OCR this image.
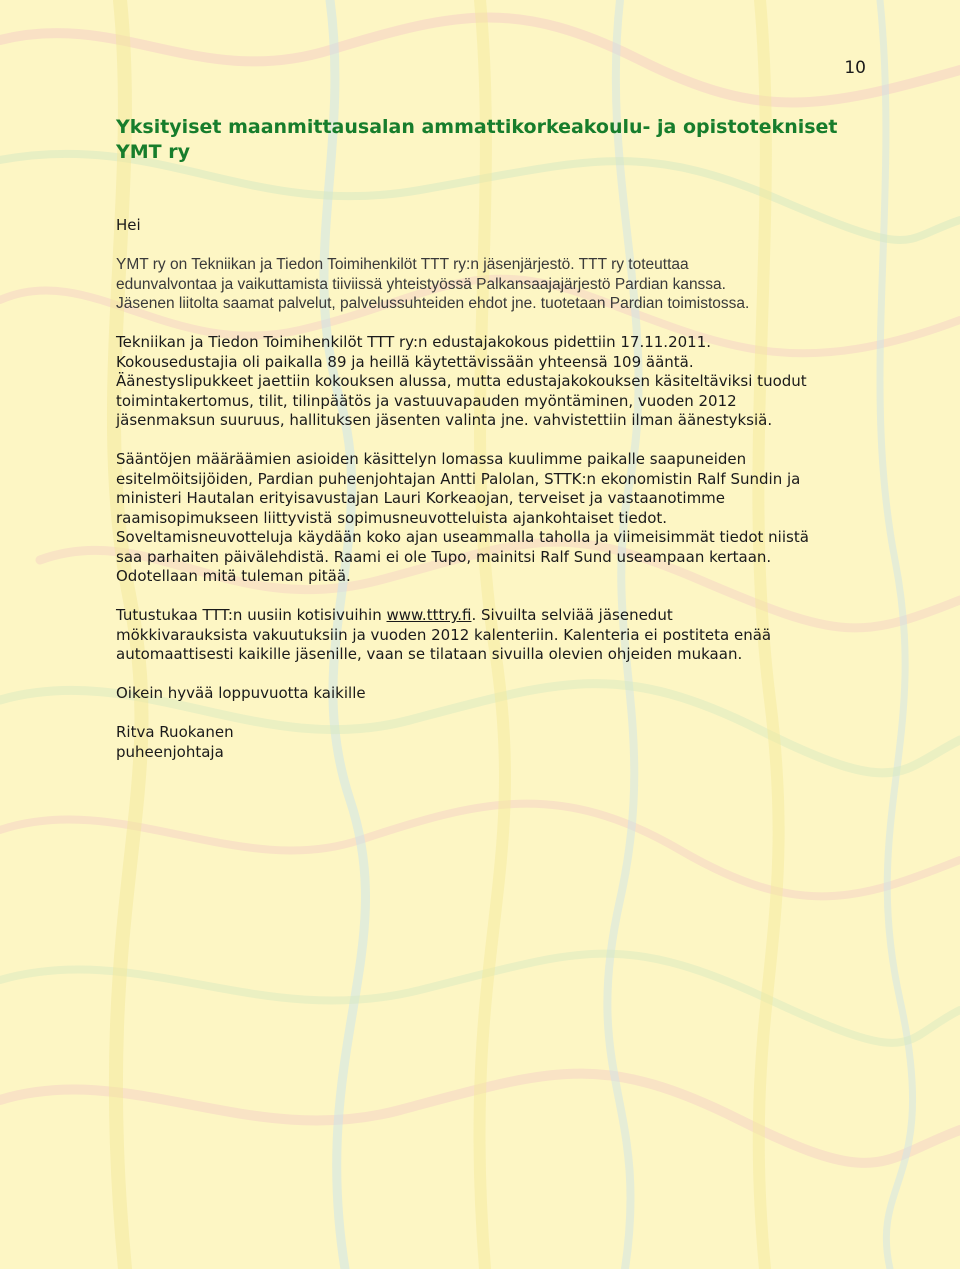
10
Yksityiset maanmittausalan ammattikorkeakoulu- ja opistotekniset
YMT ry

Hei

YMT ry on Tekniikan ja Tiedon Toimihenkilöt TTT ry:n jäsenjärjestö. TTT ry toteuttaa
edunvalvontaa ja vaikuttamista tiiviissä yhteistyössä Palkansaajajärjestö Pardian kanssa.
Jäsenen liitolta saamat palvelut, palvelussuhteiden ehdot jne. tuotetaan Pardian toimistossa.

Tekniikan ja Tiedon Toimihenkilöt TTT ry:n edustajakokous pidettiin 17.11.2011.
Kokousedustajia oli paikalla 89 ja heillä käytettävissään yhteensä 109 ääntä.
Äänestyslipukkeet jaettiin kokouksen alussa, mutta edustajakokouksen käsiteltäviksi tuodut
toimintakertomus, tilit, tilinpäätös ja vastuuvapauden myöntäminen, vuoden 2012
jäsenmaksun suuruus, hallituksen jäsenten valinta jne. vahvistettiin ilman äänestyksiä.

Sääntöjen määräämien asioiden käsittelyn lomassa kuulimme paikalle saapuneiden
esitelmöitsijöiden, Pardian puheenjohtajan Antti Palolan, STTK:n ekonomistin Ralf Sundin ja
ministeri Hautalan erityisavustajan Lauri Korkeaojan, terveiset ja vastaanotimme
raamisopimukseen liittyvistä sopimusneuvotteluista ajankohtaiset tiedot.
Soveltamisneuvotteluja käydään koko ajan useammalla taholla ja viimeisimmät tiedot niistä
saa parhaiten päivälehdistä. Raami ei ole Tupo, mainitsi Ralf Sund useampaan kertaan.
Odotellaan mitä tuleman pitää.

Tutustukaa TTT:n uusiin kotisivuihin www.tttry.fi. Sivuilta selviää jäsenedut
mökkivarauksista vakuutuksiin ja vuoden 2012 kalenteriin. Kalenteria ei postiteta enää
automaattisesti kaikille jäsenille, vaan se tilataan sivuilla olevien ohjeiden mukaan.

Oikein hyvää loppuvuotta kaikille

Ritva Ruokanen
puheenjohtaja
